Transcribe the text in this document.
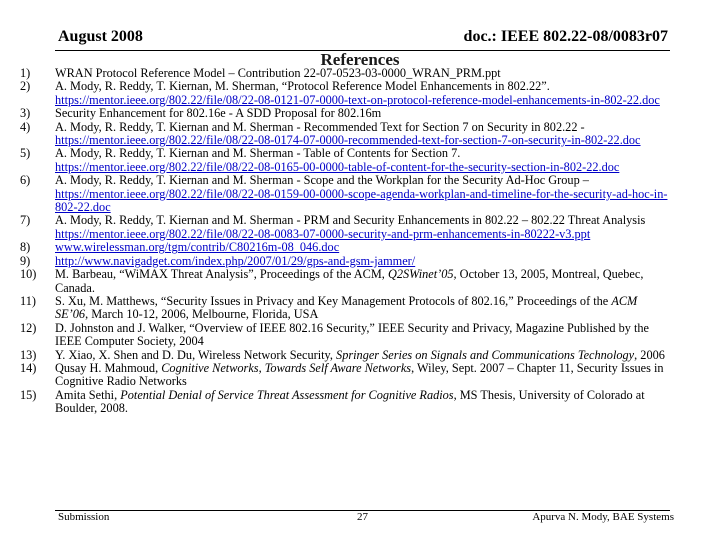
August 2008	doc.: IEEE 802.22-08/0083r07
References
1)	WRAN Protocol Reference Model – Contribution 22-07-0523-03-0000_WRAN_PRM.ppt
2)	A. Mody, R. Reddy, T. Kiernan, M. Sherman, “Protocol Reference Model Enhancements in 802.22”.
https://mentor.ieee.org/802.22/file/08/22-08-0121-07-0000-text-on-protocol-reference-model-enhancements-in-802-22.doc
3)	Security Enhancement for 802.16e - A SDD Proposal for 802.16m
4)	A. Mody, R. Reddy, T. Kiernan and M. Sherman - Recommended Text for Section 7 on Security in 802.22 -
https://mentor.ieee.org/802.22/file/08/22-08-0174-07-0000-recommended-text-for-section-7-on-security-in-802-22.doc
5)	A. Mody, R. Reddy, T. Kiernan and M. Sherman - Table of Contents for Section 7.
https://mentor.ieee.org/802.22/file/08/22-08-0165-00-0000-table-of-content-for-the-security-section-in-802-22.doc
6)	A. Mody, R. Reddy, T. Kiernan and M. Sherman - Scope and the Workplan for the Security Ad-Hoc Group –
https://mentor.ieee.org/802.22/file/08/22-08-0159-00-0000-scope-agenda-workplan-and-timeline-for-the-security-ad-hoc-in-802-22.doc
7)	A. Mody, R. Reddy, T. Kiernan and M. Sherman - PRM and Security Enhancements in 802.22 – 802.22 Threat Analysis
https://mentor.ieee.org/802.22/file/08/22-08-0083-07-0000-security-and-prm-enhancements-in-80222-v3.ppt
8)	www.wirelessman.org/tgm/contrib/C80216m-08_046.doc
9)	http://www.navigadget.com/index.php/2007/01/29/gps-and-gsm-jammer/
10)	M. Barbeau, “WiMAX Threat Analysis”, Proceedings of the ACM, Q2SWinet’05, October 13, 2005, Montreal, Quebec, Canada.
11)	S. Xu, M. Matthews, “Security Issues in Privacy and Key Management Protocols of 802.16,” Proceedings of the ACM SE’06, March 10-12, 2006, Melbourne, Florida, USA
12)	D. Johnston and J. Walker, “Overview of IEEE 802.16 Security,” IEEE Security and Privacy, Magazine Published by the IEEE Computer Society, 2004
13)	Y. Xiao, X. Shen and D. Du, Wireless Network Security, Springer Series on Signals and Communications Technology, 2006
14)	Qusay H. Mahmoud, Cognitive Networks, Towards Self Aware Networks, Wiley, Sept. 2007 – Chapter 11, Security Issues in Cognitive Radio Networks
15)	Amita Sethi, Potential Denial of Service Threat Assessment for Cognitive Radios, MS Thesis, University of Colorado at Boulder, 2008.
Submission	27	Apurva N. Mody, BAE Systems
